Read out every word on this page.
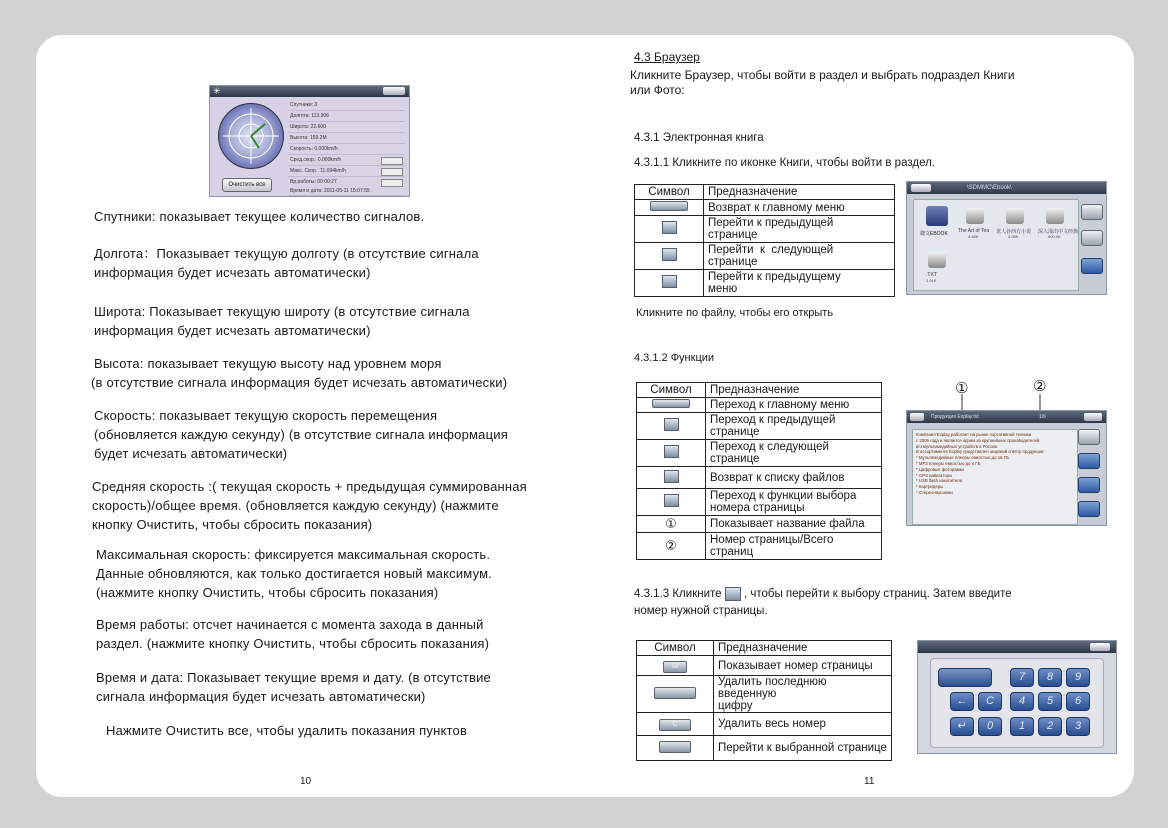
✳
Спутники: 3
Долгота: 113.906
Широта: 22.600
Высота: 159.2M
Скорость: 0.000km/h
Сред.скор.: 0.000km/h
Макс. Скор.: 11.094km/h
Вр.работы: 00:00:27
Время и дата: 2011-05-11 15:07:55
Очистить все

Спутники: показывает текущее количество сигналов.

Долгота：Показывает текущую долготу (в отсутствие сигнала
информация будет исчезать автоматически)

Широта: Показывает текущую широту (в отсутствие сигнала
информация будет исчезать автоматически)

Высота: показывает текущую высоту над уровнем моря
(в отсутствие сигнала информация будет исчезать автоматически)

Скорость: показывает текущую скорость перемещения
(обновляется каждую секунду) (в отсутствие сигнала информация
будет исчезать автоматически)

Средняя скорость :( текущая скорость + предыдущая суммированная
скорость)/общее время. (обновляется каждую секунду) (нажмите
кнопку Очистить, чтобы сбросить показания)

Максимальная скорость: фиксируется максимальная скорость.
Данные обновляются, как только достигается новый максимум.
(нажмите кнопку Очистить, чтобы сбросить показания)

Время работы: отсчет начинается с момента захода в данный
раздел. (нажмите кнопку Очистить, чтобы сбросить показания)

Время и дата: Показывает текущие время и дату. (в отсутствие
сигнала информация будет исчезать автоматически)

Нажмите Очистить все, чтобы удалить показания пунктов

10
4.3 Браузер
Кликните Браузер, чтобы войти в раздел и выбрать подраздел Книги
или Фото:
4.3.1 Электронная книга
4.3.1.1 Кликните по иконке Книги, чтобы войти в раздел.
Символ	Предназначение
	Возврат к главному меню
	Перейти к предыдущей
странице
	Перейти  к  следующей
странице
	Перейти к предыдущему
меню
\SDMMC\Ebook\
微文EBOOK The Art of Tea
4.46K
龙人谷西方小说
4.98K
深入浅出中文经典
900.0K
.TXT
1.91K
Кликните по файлу, чтобы его открыть
4.3.1.2 Функции
Символ	Предназначение
	Переход к главному меню
	Переход к предыдущей
странице
	Переход к следующей
странице
	Возврат к списку файлов
	Переход к функции выбора
номера страницы
①	Показывает название файла
②	Номер страницы/Всего
страниц
①	②
Продукция Explay.txt	1/6
Компания Explay работает на рынке портативной техники
с 2005 года и является одним из крупнейших производителей
в/о мультимедийных устройств в России.
В ассортименте Explay представлен широкий спектр продукции:
* Мультимедийные плееры емкостью до 16 ГБ
* MP3 плееры емкостью до 4 ГБ
* Цифровые фоторамки
* GPS навигаторы
* USB flash накопители
* Картридеры
* Стереонаушники
4.3.1.3 Кликните , чтобы перейти к выбору страниц. Затем введите
номер нужной страницы.
Символ	Предназначение
58	Показывает номер страницы
	Удалить последнюю введенную
цифру
C	Удалить весь номер
	Перейти к выбранной странице
7	8	9
←	C	4	5	6
↵	0	1	2	3
11
